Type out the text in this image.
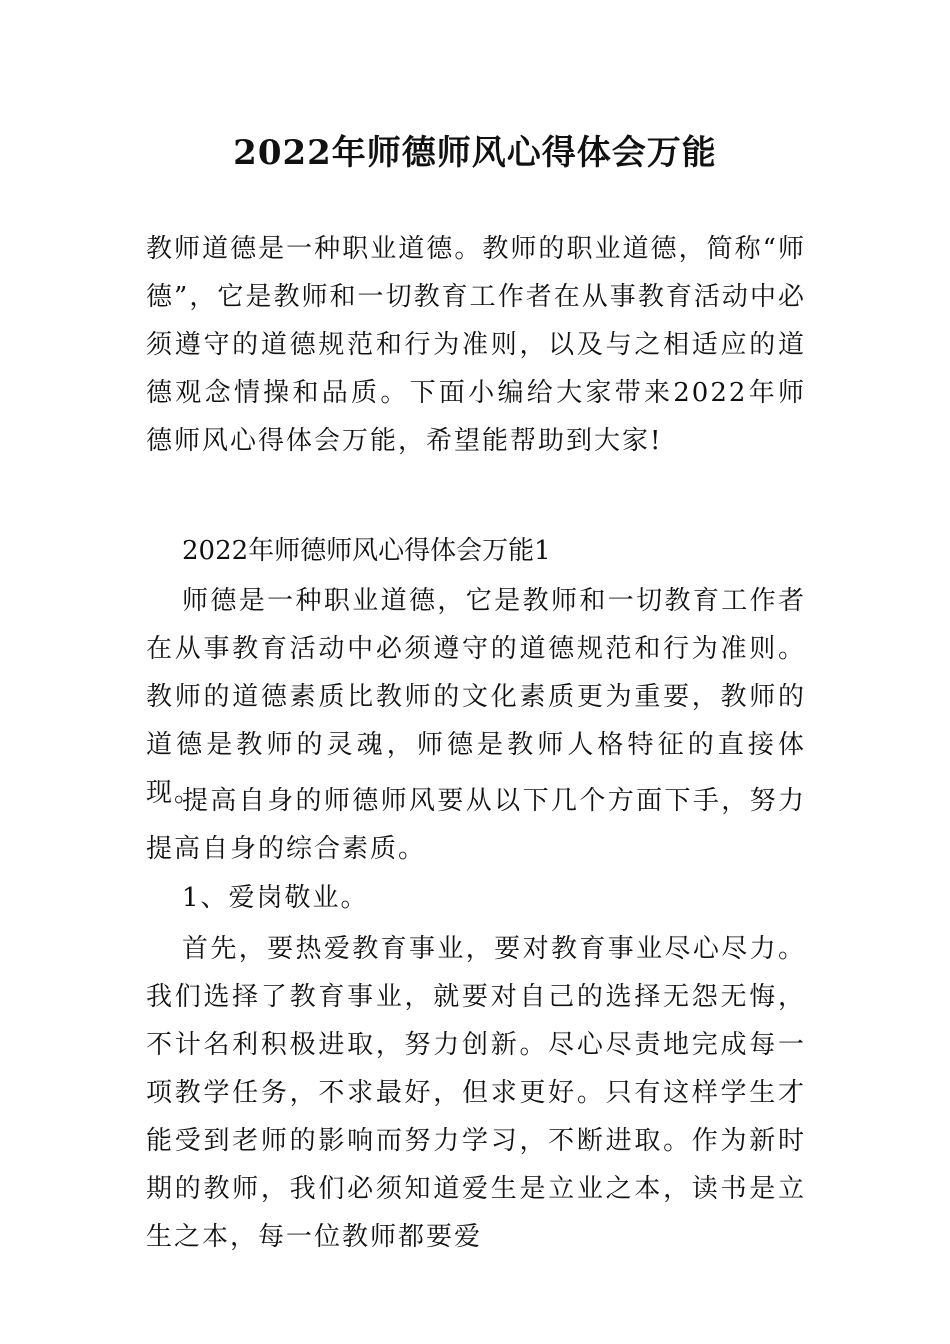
2022年师德师风心得体会万能

教师道德是一种职业道德。教师的职业道德，简称“师德”，它是教师和一切教育工作者在从事教育活动中必须遵守的道德规范和行为准则，以及与之相适应的道德观念情操和品质。下面小编给大家带来2022年师德师风心得体会万能，希望能帮助到大家!

2022年师德师风心得体会万能1

师德是一种职业道德，它是教师和一切教育工作者在从事教育活动中必须遵守的道德规范和行为准则。教师的道德素质比教师的文化素质更为重要，教师的道德是教师的灵魂，师德是教师人格特征的直接体现。

提高自身的师德师风要从以下几个方面下手，努力提高自身的综合素质。

1、爱岗敬业。

首先，要热爱教育事业，要对教育事业尽心尽力。我们选择了教育事业，就要对自己的选择无怨无悔，不计名利积极进取，努力创新。尽心尽责地完成每一项教学任务，不求最好，但求更好。只有这样学生才能受到老师的影响而努力学习，不断进取。作为新时期的教师，我们必须知道爱生是立业之本，读书是立生之本，每一位教师都要爱
